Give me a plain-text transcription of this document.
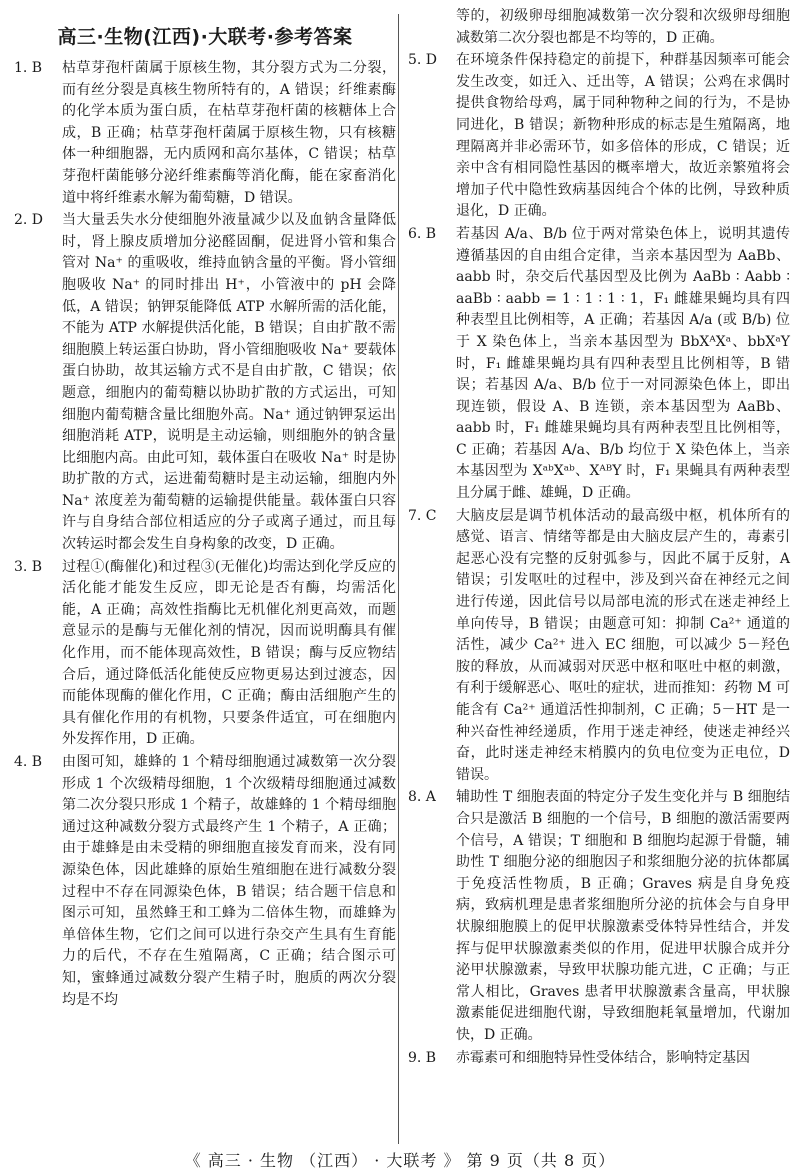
高三·生物(江西)·大联考·参考答案
1. B	枯草芽孢杆菌属于原核生物，其分裂方式为二分裂，而有丝分裂是真核生物所特有的，A 错误；纤维素酶的化学本质为蛋白质，在枯草芽孢杆菌的核糖体上合成，B 正确；枯草芽孢杆菌属于原核生物，只有核糖体一种细胞器，无内质网和高尔基体，C 错误；枯草芽孢杆菌能够分泌纤维素酶等消化酶，能在家畜消化道中将纤维素水解为葡萄糖，D 错误。
2. D	当大量丢失水分使细胞外液量减少以及血钠含量降低时，肾上腺皮质增加分泌醛固酮，促进肾小管和集合管对 Na⁺ 的重吸收，维持血钠含量的平衡。肾小管细胞吸收 Na⁺ 的同时排出 H⁺，小管液中的 pH 会降低，A 错误；钠钾泵能降低 ATP 水解所需的活化能，不能为 ATP 水解提供活化能，B 错误；自由扩散不需细胞膜上转运蛋白协助，肾小管细胞吸收 Na⁺ 要载体蛋白协助，故其运输方式不是自由扩散，C 错误；依题意，细胞内的葡萄糖以协助扩散的方式运出，可知细胞内葡萄糖含量比细胞外高。Na⁺ 通过钠钾泵运出细胞消耗 ATP，说明是主动运输，则细胞外的钠含量比细胞内高。由此可知，载体蛋白在吸收 Na⁺ 时是协助扩散的方式，运进葡萄糖时是主动运输，细胞内外 Na⁺ 浓度差为葡萄糖的运输提供能量。载体蛋白只容许与自身结合部位相适应的分子或离子通过，而且每次转运时都会发生自身构象的改变，D 正确。
3. B	过程①(酶催化)和过程③(无催化)均需达到化学反应的活化能才能发生反应，即无论是否有酶，均需活化能，A 正确；高效性指酶比无机催化剂更高效，而题意显示的是酶与无催化剂的情况，因而说明酶具有催化作用，而不能体现高效性，B 错误；酶与反应物结合后，通过降低活化能使反应物更易达到过渡态，因而能体现酶的催化作用，C 正确；酶由活细胞产生的具有催化作用的有机物，只要条件适宜，可在细胞内外发挥作用，D 正确。
4. B	由图可知，雄蜂的 1 个精母细胞通过减数第一次分裂形成 1 个次级精母细胞，1 个次级精母细胞通过减数第二次分裂只形成 1 个精子，故雄蜂的 1 个精母细胞通过这种减数分裂方式最终产生 1 个精子，A 正确；由于雄蜂是由未受精的卵细胞直接发育而来，没有同源染色体，因此雄蜂的原始生殖细胞在进行减数分裂过程中不存在同源染色体，B 错误；结合题干信息和图示可知，虽然蜂王和工蜂为二倍体生物，而雄蜂为单倍体生物，它们之间可以进行杂交产生具有生育能力的后代，不存在生殖隔离，C 正确；结合图示可知，蜜蜂通过减数分裂产生精子时，胞质的两次分裂均是不均
等的，初级卵母细胞减数第一次分裂和次级卵母细胞减数第二次分裂也都是不均等的，D 正确。
5. D	在环境条件保持稳定的前提下，种群基因频率可能会发生改变，如迁入、迁出等，A 错误；公鸡在求偶时提供食物给母鸡，属于同种物种之间的行为，不是协同进化，B 错误；新物种形成的标志是生殖隔离，地理隔离并非必需环节，如多倍体的形成，C 错误；近亲中含有相同隐性基因的概率增大，故近亲繁殖将会增加子代中隐性致病基因纯合个体的比例，导致种质退化，D 正确。
6. B	若基因 A/a、B/b 位于两对常染色体上，说明其遗传遵循基因的自由组合定律，当亲本基因型为 AaBb、aabb 时，杂交后代基因型及比例为 AaBb ∶ Aabb ∶ aaBb ∶ aabb = 1 ∶ 1 ∶ 1 ∶ 1，F₁ 雌雄果蝇均具有四种表型且比例相等，A 正确；若基因 A/a (或 B/b) 位于 X 染色体上，当亲本基因型为 BbXᴬXᵃ、bbXᵃY 时，F₁ 雌雄果蝇均具有四种表型且比例相等，B 错误；若基因 A/a、B/b 位于一对同源染色体上，即出现连锁，假设 A、B 连锁，亲本基因型为 AaBb、aabb 时，F₁ 雌雄果蝇均具有两种表型且比例相等，C 正确；若基因 A/a、B/b 均位于 X 染色体上，当亲本基因型为 XᵃᵇXᵃᵇ、XᴬᴮY 时，F₁ 果蝇具有两种表型且分属于雌、雄蝇，D 正确。
7. C	大脑皮层是调节机体活动的最高级中枢，机体所有的感觉、语言、情绪等都是由大脑皮层产生的，毒素引起恶心没有完整的反射弧参与，因此不属于反射，A 错误；引发呕吐的过程中，涉及到兴奋在神经元之间进行传递，因此信号以局部电流的形式在迷走神经上单向传导，B 错误；由题意可知：抑制 Ca²⁺ 通道的活性，减少 Ca²⁺ 进入 EC 细胞，可以减少 5－羟色胺的释放，从而减弱对厌恶中枢和呕吐中枢的刺激，有利于缓解恶心、呕吐的症状，进而推知：药物 M 可能含有 Ca²⁺ 通道活性抑制剂，C 正确；5－HT 是一种兴奋性神经递质，作用于迷走神经，使迷走神经兴奋，此时迷走神经末梢膜内的负电位变为正电位，D 错误。
8. A	辅助性 T 细胞表面的特定分子发生变化并与 B 细胞结合只是激活 B 细胞的一个信号，B 细胞的激活需要两个信号，A 错误；T 细胞和 B 细胞均起源于骨髓，辅助性 T 细胞分泌的细胞因子和浆细胞分泌的抗体都属于免疫活性物质，B 正确；Graves 病是自身免疫病，致病机理是患者浆细胞所分泌的抗体会与自身甲状腺细胞膜上的促甲状腺激素受体特异性结合，并发挥与促甲状腺激素类似的作用，促进甲状腺合成并分泌甲状腺激素，导致甲状腺功能亢进，C 正确；与正常人相比，Graves 患者甲状腺激素含量高，甲状腺激素能促进细胞代谢，导致细胞耗氧量增加，代谢加快，D 正确。
9. B	赤霉素可和细胞特异性受体结合，影响特定基因
《 高三 · 生物 （江西） · 大联考 》 第 9 页（共 8 页）
